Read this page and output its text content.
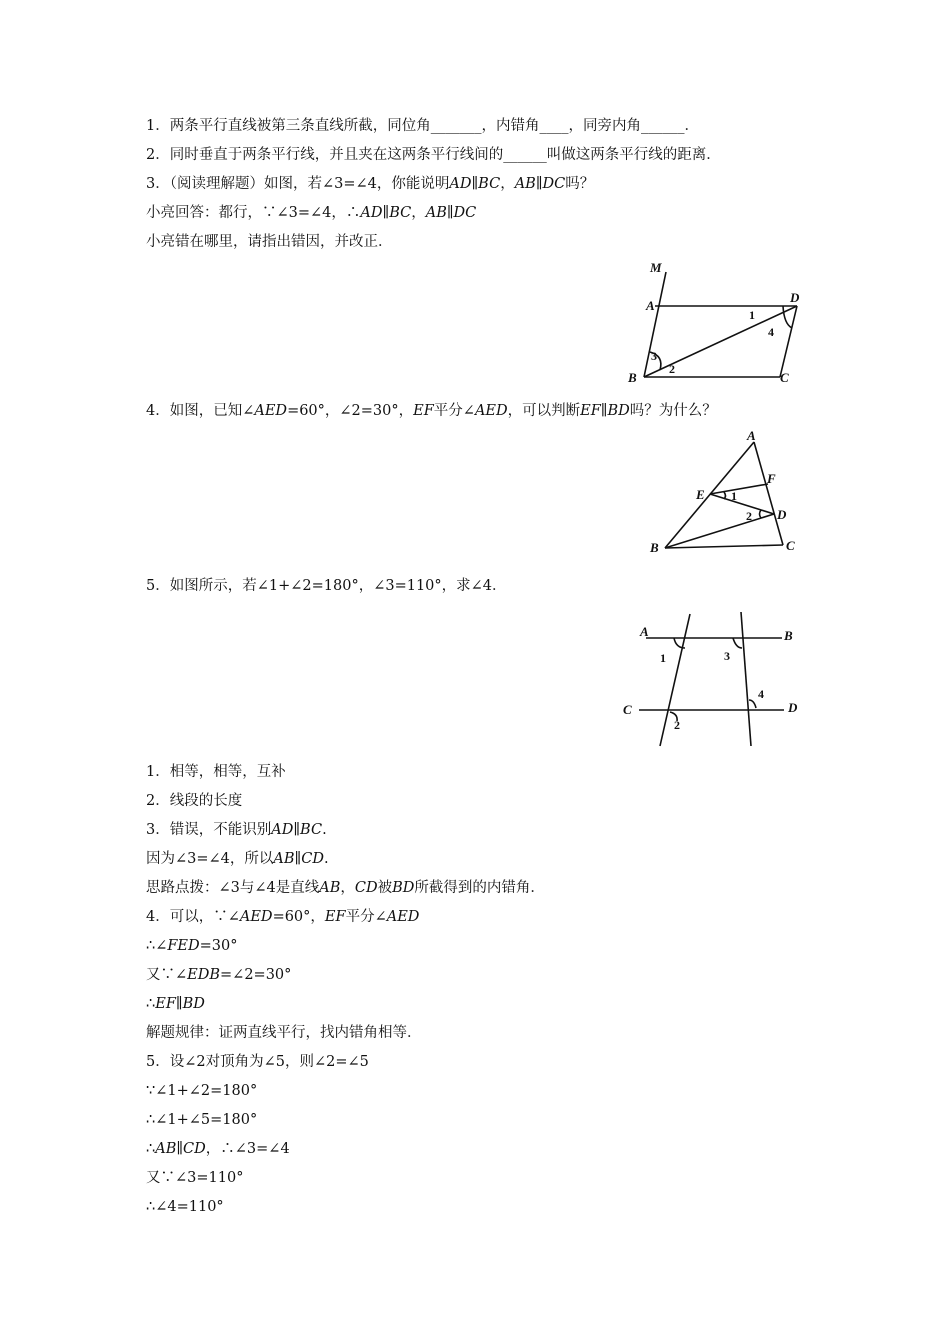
1．两条平行直线被第三条直线所截，同位角_______，内错角____，同旁内角______．
2．同时垂直于两条平行线，并且夹在这两条平行线间的______叫做这两条平行线的距离．
3．（阅读理解题）如图，若∠3=∠4，你能说明AD∥BC，AB∥DC吗？
小亮回答：都行，∵∠3=∠4，∴AD∥BC，AB∥DC
小亮错在哪里，请指出错因，并改正．
M
A
D
B	C
1
2
3
4
4．如图，已知∠AED=60°，∠2=30°，EF平分∠AED，可以判断EF∥BD吗？为什么？
A
F
E
D
B	C
1
2
5．如图所示，若∠1+∠2=180°，∠3=110°，求∠4．
A	B
C	D
1
2
3
4
1．相等，相等，互补
2．线段的长度
3．错误，不能识别AD∥BC.
因为∠3=∠4，所以AB∥CD.
思路点拨：∠3与∠4是直线AB，CD被BD所截得到的内错角．
4．可以，∵∠AED=60°，EF平分∠AED
∴∠FED=30°
又∵∠EDB=∠2=30°
∴EF∥BD
解题规律：证两直线平行，找内错角相等．
5．设∠2对顶角为∠5，则∠2=∠5
∵∠1+∠2=180°
∴∠1+∠5=180°
∴AB∥CD，∴∠3=∠4
又∵∠3=110°
∴∠4=110°
